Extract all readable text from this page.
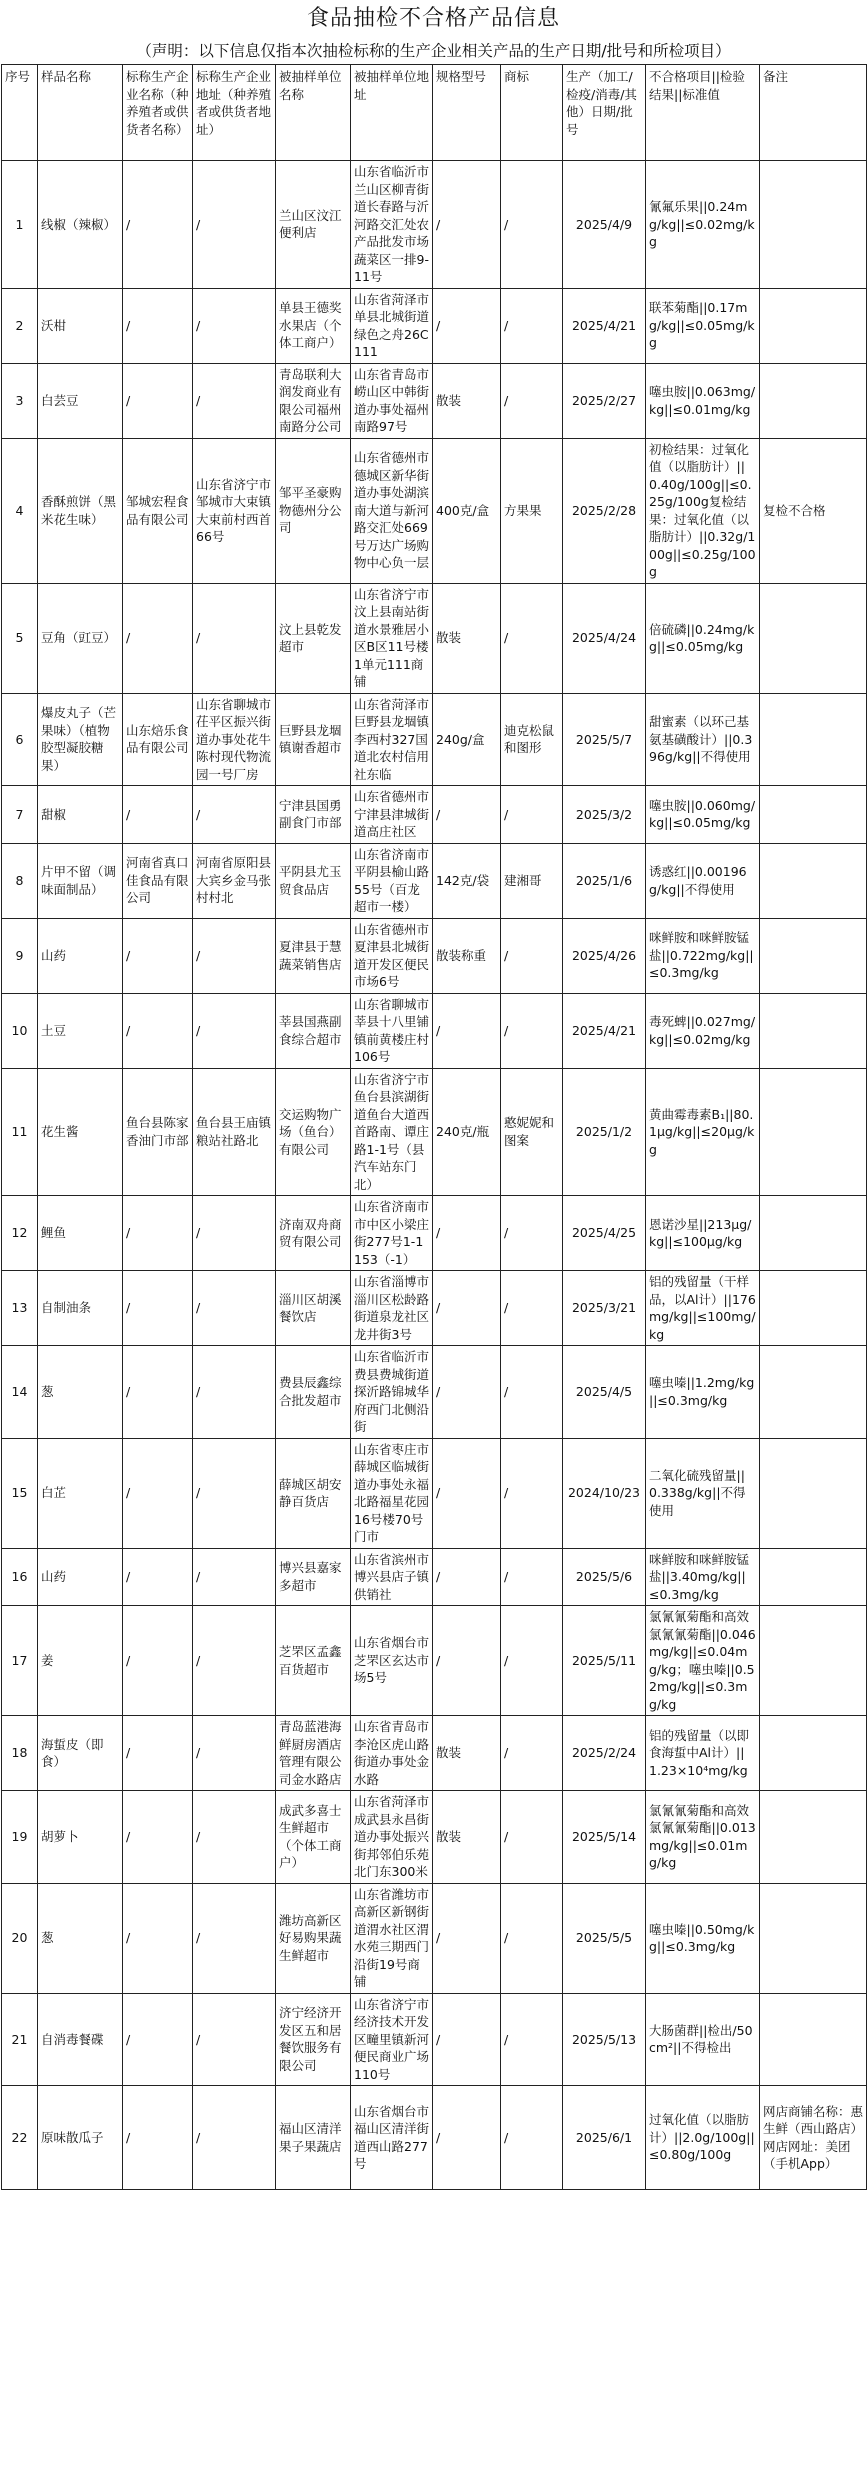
食品抽检不合格产品信息
（声明：以下信息仅指本次抽检标称的生产企业相关产品的生产日期/批号和所检项目）
序号	样品名称	标称生产企业名称（种养殖者或供货者名称）	标称生产企业地址（种养殖者或供货者地址）	被抽样单位名称	被抽样单位地址	规格型号	商标	生产（加工/检疫/消毒/其他）日期/批号	不合格项目||检验结果||标准值	备注
1	线椒（辣椒）	/	/	兰山区汶江便利店	山东省临沂市兰山区柳青街道长春路与沂河路交汇处农产品批发市场蔬菜区一排9-11号	/	/	2025/4/9	氰氟乐果||0.24mg/kg||≤0.02mg/kg	
2	沃柑	/	/	单县王德奖水果店（个体工商户）	山东省菏泽市单县北城街道绿色之舟26C111	/	/	2025/4/21	联苯菊酯||0.17mg/kg||≤0.05mg/kg	
3	白芸豆	/	/	青岛联利大润发商业有限公司福州南路分公司	山东省青岛市崂山区中韩街道办事处福州南路97号	散装	/	2025/2/27	噻虫胺||0.063mg/kg||≤0.01mg/kg	
4	香酥煎饼（黑米花生味）	邹城宏程食品有限公司	山东省济宁市邹城市大束镇大束前村西首66号	邹平圣豪购物德州分公司	山东省德州市德城区新华街道办事处湖滨南大道与新河路交汇处669号万达广场购物中心负一层	400克/盒	方果果	2025/2/28	初检结果：过氧化值（以脂肪计）||0.40g/100g||≤0.25g/100g复检结果：过氧化值（以脂肪计）||0.32g/100g||≤0.25g/100g	复检不合格
5	豆角（豇豆）	/	/	汶上县乾发超市	山东省济宁市汶上县南站街道水景雅居小区B区11号楼1单元111商铺	散装	/	2025/4/24	倍硫磷||0.24mg/kg||≤0.05mg/kg	
6	爆皮丸子（芒果味）（植物胶型凝胶糖果）	山东焙乐食品有限公司	山东省聊城市茌平区振兴街道办事处花牛陈村现代物流园一号厂房	巨野县龙堌镇谢香超市	山东省菏泽市巨野县龙堌镇李西村327国道北农村信用社东临	240g/盒	迪克松鼠和图形	2025/5/7	甜蜜素（以环己基氨基磺酸计）||0.396g/kg||不得使用	
7	甜椒	/	/	宁津县国勇副食门市部	山东省德州市宁津县津城街道高庄社区	/	/	2025/3/2	噻虫胺||0.060mg/kg||≤0.05mg/kg	
8	片甲不留（调味面制品）	河南省真口佳食品有限公司	河南省原阳县大宾乡金马张村村北	平阴县尤玉贸食品店	山东省济南市平阴县榆山路55号（百龙超市一楼）	142克/袋	建湘哥	2025/1/6	诱惑红||0.00196g/kg||不得使用	
9	山药	/	/	夏津县于慧蔬菜销售店	山东省德州市夏津县北城街道开发区便民市场6号	散装称重	/	2025/4/26	咪鲜胺和咪鲜胺锰盐||0.722mg/kg||≤0.3mg/kg	
10	土豆	/	/	莘县国燕副食综合超市	山东省聊城市莘县十八里铺镇前黄楼庄村106号	/	/	2025/4/21	毒死蜱||0.027mg/kg||≤0.02mg/kg	
11	花生酱	鱼台县陈家香油门市部	鱼台县王庙镇粮站社路北	交运购物广场（鱼台）有限公司	山东省济宁市鱼台县滨湖街道鱼台大道西首路南、谭庄路1-1号（县汽车站东门北）	240克/瓶	憨妮妮和图案	2025/1/2	黄曲霉毒素B₁||80.1μg/kg||≤20μg/kg	
12	鲤鱼	/	/	济南双舟商贸有限公司	山东省济南市市中区小梁庄街277号1-1153（-1）	/	/	2025/4/25	恩诺沙星||213μg/kg||≤100μg/kg	
13	自制油条	/	/	淄川区胡溪餐饮店	山东省淄博市淄川区松龄路街道泉龙社区龙井街3号	/	/	2025/3/21	铝的残留量（干样品，以Al计）||176mg/kg||≤100mg/kg	
14	葱	/	/	费县辰鑫综合批发超市	山东省临沂市费县费城街道探沂路锦城华府西门北侧沿街	/	/	2025/4/5	噻虫嗪||1.2mg/kg||≤0.3mg/kg	
15	白芷	/	/	薛城区胡安静百货店	山东省枣庄市薛城区临城街道办事处永福北路福星花园16号楼70号门市	/	/	2024/10/23	二氧化硫残留量||0.338g/kg||不得使用	
16	山药	/	/	博兴县嘉家多超市	山东省滨州市博兴县店子镇供销社	/	/	2025/5/6	咪鲜胺和咪鲜胺锰盐||3.40mg/kg||≤0.3mg/kg	
17	姜	/	/	芝罘区孟鑫百货超市	山东省烟台市芝罘区玄达市场5号	/	/	2025/5/11	氯氰氰菊酯和高效氯氰氰菊酯||0.046mg/kg||≤0.04mg/kg；噻虫嗪||0.52mg/kg||≤0.3mg/kg	
18	海蜇皮（即食）	/	/	青岛蓝港海鲜厨房酒店管理有限公司金水路店	山东省青岛市李沧区虎山路街道办事处金水路	散装	/	2025/2/24	铝的残留量（以即食海蜇中Al计）||1.23×10⁴mg/kg	
19	胡萝卜	/	/	成武多喜士生鲜超市（个体工商户）	山东省菏泽市成武县永昌街道办事处振兴街邦邻伯乐苑北门东300米	散装	/	2025/5/14	氯氰氰菊酯和高效氯氰氰菊酯||0.013mg/kg||≤0.01mg/kg	
20	葱	/	/	潍坊高新区好易购果蔬生鲜超市	山东省潍坊市高新区新钢街道渭水社区渭水苑三期西门沿街19号商铺	/	/	2025/5/5	噻虫嗪||0.50mg/kg||≤0.3mg/kg	
21	自消毒餐碟	/	/	济宁经济开发区五和居餐饮服务有限公司	山东省济宁市经济技术开发区疃里镇新河便民商业广场110号	/	/	2025/5/13	大肠菌群||检出/50cm²||不得检出	
22	原味散瓜子	/	/	福山区清洋果子果蔬店	山东省烟台市福山区清洋街道西山路277号	/	/	2025/6/1	过氧化值（以脂肪计）||2.0g/100g||≤0.80g/100g	网店商铺名称：惠生鲜（西山路店）网店网址：美团（手机App）
